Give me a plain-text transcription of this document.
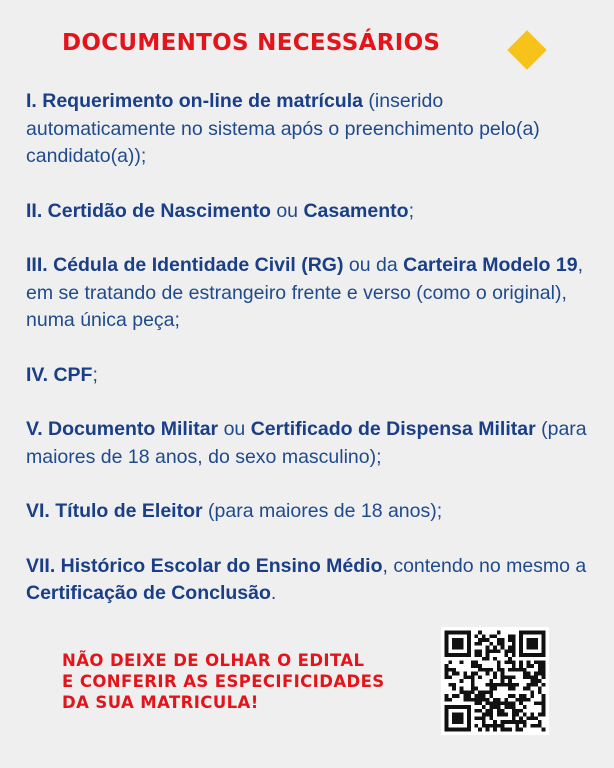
DOCUMENTOS NECESSÁRIOS
I. Requerimento on-line de matrícula (inserido automaticamente no sistema após o preenchimento pelo(a) candidato(a));
II. Certidão de Nascimento ou Casamento;
III. Cédula de Identidade Civil (RG) ou da Carteira Modelo 19, em se tratando de estrangeiro frente e verso (como o original), numa única peça;
IV. CPF;
V. Documento Militar ou Certificado de Dispensa Militar (para maiores de 18 anos, do sexo masculino);
VI. Título de Eleitor (para maiores de 18 anos);
VII. Histórico Escolar do Ensino Médio, contendo no mesmo a Certificação de Conclusão.
NÃO DEIXE DE OLHAR O EDITAL
E CONFERIR AS ESPECIFICIDADES
DA SUA MATRICULA!
